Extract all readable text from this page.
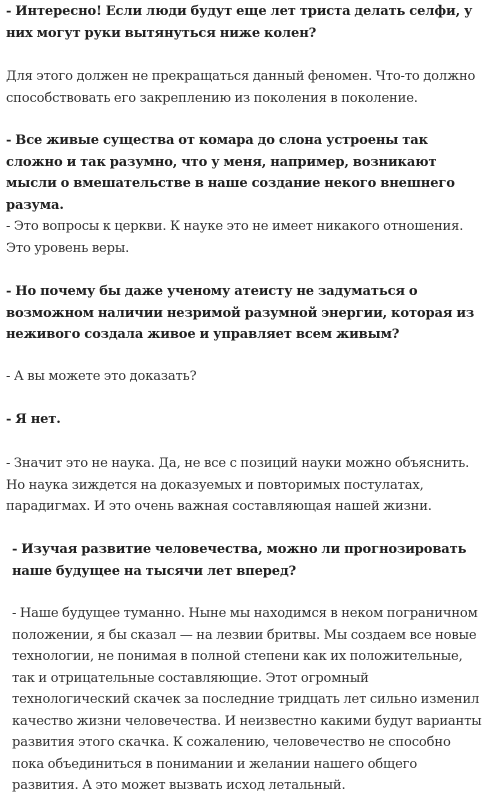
- Интересно! Если люди будут еще лет триста делать селфи, у них могут руки вытянуться ниже колен?

Для этого должен не прекращаться данный феномен. Что-то должно способствовать его закреплению из поколения в поколение.

- Все живые существа от комара до слона устроены так сложно и так разумно, что у меня, например, возникают мысли о вмешательстве в наше создание некого внешнего разума.

- Это вопросы к церкви. К науке это не имеет никакого отношения. Это уровень веры.

- Но почему бы даже ученому атеисту не задуматься о возможном наличии незримой разумной энергии, которая из неживого создала живое и управляет всем живым?

- А вы можете это доказать?

- Я нет.

- Значит это не наука. Да, не все с позиций науки можно объяснить. Но наука зиждется на доказуемых и повторимых постулатах, парадигмах. И это очень важная составляющая нашей жизни.

- Изучая развитие человечества, можно ли прогнозировать наше будущее на тысячи лет вперед?

- Наше будущее туманно. Ныне мы находимся в неком пограничном положении, я бы сказал — на лезвии бритвы. Мы создаем все новые технологии, не понимая в полной степени как их положительные, так и отрицательные составляющие. Этот огромный технологический скачек за последние тридцать лет сильно изменил качество жизни человечества. И неизвестно какими будут варианты развития этого скачка. К сожалению, человечество не способно пока объединиться в понимании и желании нашего общего развития. А это может вызвать исход летальный.
